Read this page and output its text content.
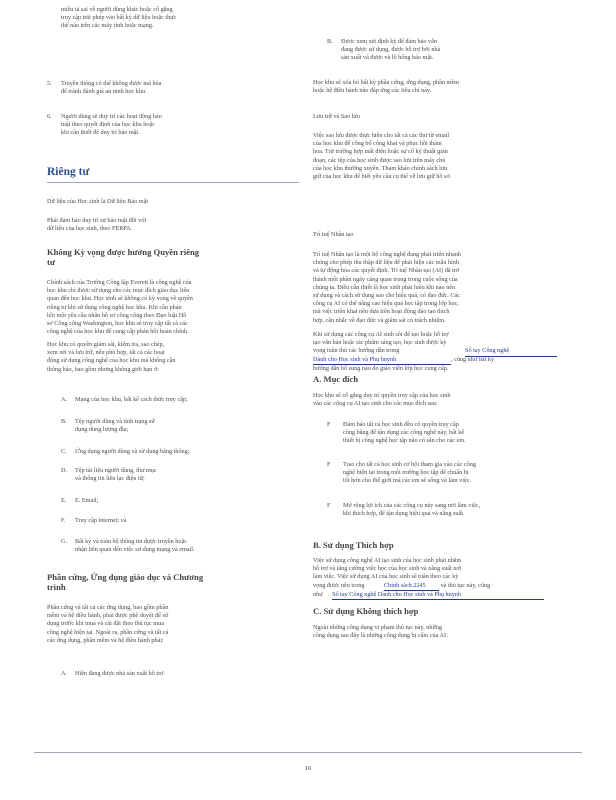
miêu tả sai về người dùng khác hoặc cố gắng

truy cập trái phép vào bất kỳ dữ liệu hoặc thực

thể nào trên các máy tính hoặc mạng.

5. Truyền thông có thể không được mã hóa

để tránh đánh giá an ninh học khu.

6. Người dùng sẽ duy trì các hoạt động bảo

mật theo quyết định của học khu hoặc

khi cần thiết để duy trì bảo mật.

Riêng tư

Dữ liệu của Học sinh là Dữ liệu Bảo mật

Phải đảm bảo duy trì sự bảo mật đối với

dữ liệu của học sinh, theo FERPA.

Không Kỳ vọng được hưởng Quyền riêng
tư

Chính sách của Trường Công lập Everett là công nghệ của

học khu chỉ được sử dụng cho các mục đích giáo dục liên

quan đến học khu. Học sinh sẽ không có kỳ vọng về quyền

riêng tư khi sử dụng công nghệ học khu. Khi cần phản

hồi một yêu cầu nhân hồ sơ công cộng theo Đạo luật Hồ

sơ Công cộng Washington, học khu sẽ truy cập tất cả các

công nghệ của học khu để cung cấp phản hồi hoàn chỉnh.

Học khu có quyền giám sát, kiểm tra, sao chép,

xem xét và lưu trữ, nếu phù hợp, tất cả các hoạt

động sử dụng công nghệ của học khu mà không cần

thông báo, bao gồm nhưng không giới hạn ở:

A. Mạng của học khu, bất kể cách thức truy cập;

B. Tệp người dùng và tính trạng sử

dụng dung lượng đĩa;

C. Ứng dụng người dùng và sử dụng băng thông;

D. Tệp tài liệu người dùng, thư mục

và thông tin liên lạc điện tử;

E. E. Email;

F. Truy cập internet; và

G. Bất kỳ và toàn bộ thông tin được truyền hoặc

nhận liên quan đến việc sử dụng mạng và email.

Phần cứng, Ứng dụng giáo dục và Chương
trình

Phần cứng và tất cả các ứng dụng, bao gồm phần

mềm và hệ điều hành, phải được phê duyệt để sử

dụng trước khi mua và cài đặt theo thủ tục mua

công nghệ hiện tại. Ngoài ra, phần cứng và tất cả

các ứng dụng, phần mềm và hệ điều hành phải:

A. Hiện đang được nhà sản xuất hỗ trợ.

B. Được xem xét định kỳ để đảm bảo vẫn

đang được sử dụng, được hỗ trợ bởi nhà

sản xuất và được và lỗ hổng bảo mật.

Học khu sẽ xóa bỏ bất kỳ phần cứng, ứng dụng, phần mềm

hoặc hệ điều hành nào đáp ứng các tiêu chí này.

Lưu trữ và Sao lưu

Việc sao lưu được thực hiện cho tất cả các thư từ email

của học khu để công bố công khai và phục hồi thảm

họa. Trừ trường hợp mất điện hoặc sự cố kỹ thuật gián

đoạn, các tệp của học sinh được sao lưu trên máy chủ

của học khu thường xuyên. Tham khảo chính sách lưu

giữ của học khu để biết yêu cầu cụ thể về lưu giữ hồ sơ.

Trí tuệ Nhân tạo

Trí tuệ Nhân tạo là một bộ công nghệ đang phát triển nhanh

chóng cho phép thu thập dữ liệu để phát hiện các mẫu hình

và tự động hóa các quyết định. Trí tuệ Nhân tạo (AI) đã trở

thành một phần ngày càng quan trọng trong cuộc sống của

chúng ta. Điều cần thiết là học sinh phải hiểu khi nào nên

sử dụng và cách sử dụng sao cho hiệu quả, có đạo đức. Các

công cụ AI có thể nâng cao hiệu quả học tập trong lớp học,

mà việc triển khai nên dựa trên hoạt động đảo tạo thích

hợp, cân nhắc về đạo đức và giám sát có trách nhiệm.

Khi sử dụng các công cụ AI sinh sôi để tạo hoặc hỗ trợ

tạo văn bản hoặc tác phẩm sáng tạo, học sinh được kỳ

vọng tuân thủ các hướng dẫn trong	Sổ tay Công nghệ

Dành cho Học sinh và Phụ huynh	, cũng như bất kỳ

hướng dẫn bổ sung nào do giáo viên lớp học cung cấp.

A. Mục đích

Học khu sẽ cố gắng duy trì quyền truy cập của học sinh

vào các công cụ AI tạo sinh cho các mục đích sau:

F Đảm bảo tất cả học sinh đều có quyền truy cập

công bằng để tận dụng các công nghệ này, bất kể

thiết bị công nghệ học tập nào có sẵn cho các em.

F Trao cho tất cả học sinh cơ hội tham gia vào các công

nghệ hiện tại trong môi trường học tập để chuẩn bị

tốt hơn cho thế giới mà các em sẽ sống và làm việc.

F Mở rộng lợi ích của các công cụ này sang nơi làm việc,

khi thích hợp, để tận dụng hiệu quả và năng suất.

B. Sử dụng Thích hợp

Việc sử dụng công nghệ AI tạo sinh của học sinh phải nhằm

hỗ trợ và tăng cường việc học của học sinh và năng suất nơi

làm việc. Việc sử dụng AI của học sinh sẽ tuân theo các kỳ

vọng được nêu trong	Chính sách 2245 và thủ tục này, cũng

như Sổ tay Công nghệ Dành cho Học sinh và Phụ huynh

C. Sử dụng Không thích hợp

Ngoài những công dụng vi phạm thủ tục này, những

công dụng sau đây là những công dụng bị cấm của AI:

16
